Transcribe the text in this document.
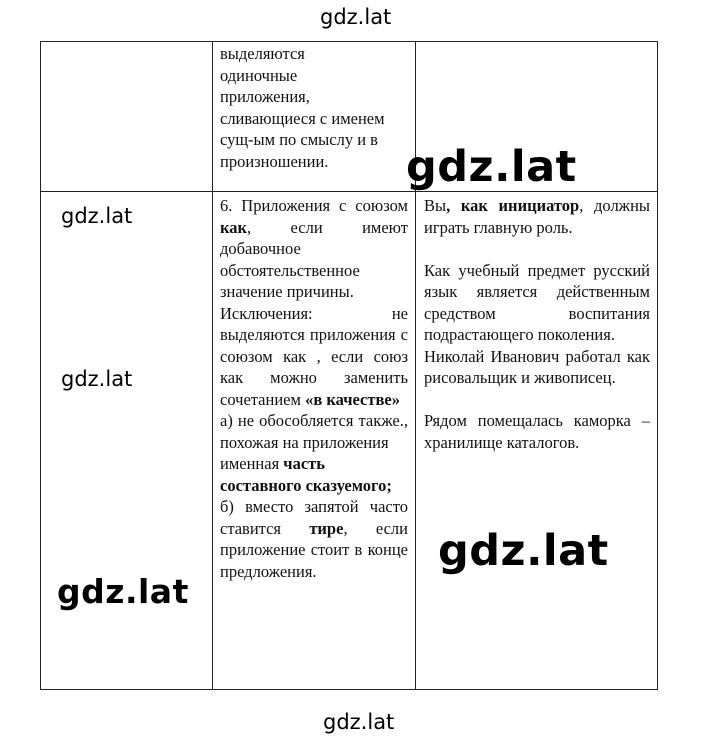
gdz.lat
gdz.lat
gdz.lat
gdz.lat
gdz.lat

выделяются

одиночные

приложения,

сливающиеся с именем

сущ-ым по смыслу и в

произношении.

6. Приложения с союзом как, если имеют добавочное обстоятельственное значение причины.

Исключения: не выделяются приложения с союзом как , если союз как можно заменить сочетанием «в качестве»

а) не обособляется также., похожая на приложения

именная часть составного сказуемого;

б) вместо запятой часто ставится тире, если приложение стоит в конце предложения.

Вы, как инициатор, должны играть главную роль.

Как учебный предмет русский язык является действенным средством воспитания подрастающего поколения.

Николай Иванович работал как рисовальщик и живописец.

Рядом помещалась каморка –хранилище каталогов.

gdz.lat
gdz.lat
